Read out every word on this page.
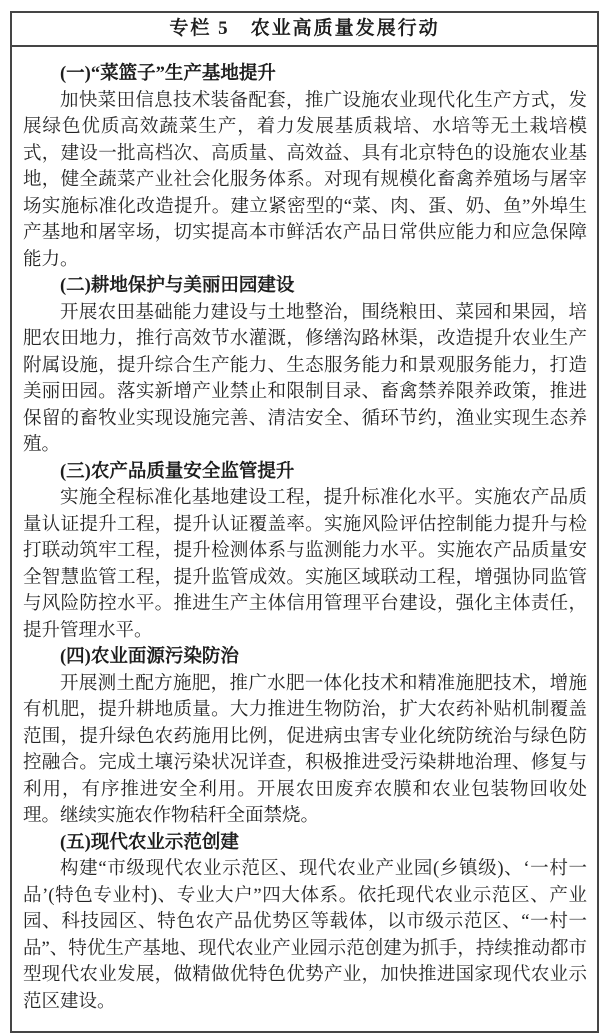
专栏 5　农业高质量发展行动
(一)“菜篮子”生产基地提升

加快菜田信息技术装备配套，推广设施农业现代化生产方式，发展绿色优质高效蔬菜生产，着力发展基质栽培、水培等无土栽培模式，建设一批高档次、高质量、高效益、具有北京特色的设施农业基地，健全蔬菜产业社会化服务体系。对现有规模化畜禽养殖场与屠宰场实施标准化改造提升。建立紧密型的“菜、肉、蛋、奶、鱼”外埠生产基地和屠宰场，切实提高本市鲜活农产品日常供应能力和应急保障能力。

(二)耕地保护与美丽田园建设

开展农田基础能力建设与土地整治，围绕粮田、菜园和果园，培肥农田地力，推行高效节水灌溉，修缮沟路林渠，改造提升农业生产附属设施，提升综合生产能力、生态服务能力和景观服务能力，打造美丽田园。落实新增产业禁止和限制目录、畜禽禁养限养政策，推进保留的畜牧业实现设施完善、清洁安全、循环节约，渔业实现生态养殖。

(三)农产品质量安全监管提升

实施全程标准化基地建设工程，提升标准化水平。实施农产品质量认证提升工程，提升认证覆盖率。实施风险评估控制能力提升与检打联动筑牢工程，提升检测体系与监测能力水平。实施农产品质量安全智慧监管工程，提升监管成效。实施区域联动工程，增强协同监管与风险防控水平。推进生产主体信用管理平台建设，强化主体责任，提升管理水平。

(四)农业面源污染防治

开展测土配方施肥，推广水肥一体化技术和精准施肥技术，增施有机肥，提升耕地质量。大力推进生物防治，扩大农药补贴机制覆盖范围，提升绿色农药施用比例，促进病虫害专业化统防统治与绿色防控融合。完成土壤污染状况详查，积极推进受污染耕地治理、修复与利用，有序推进安全利用。开展农田废弃农膜和农业包装物回收处理。继续实施农作物秸秆全面禁烧。

(五)现代农业示范创建

构建“市级现代农业示范区、现代农业产业园(乡镇级)、‘一村一品’(特色专业村)、专业大户”四大体系。依托现代农业示范区、产业园、科技园区、特色农产品优势区等载体，以市级示范区、“一村一品”、特优生产基地、现代农业产业园示范创建为抓手，持续推动都市型现代农业发展，做精做优特色优势产业，加快推进国家现代农业示范区建设。
